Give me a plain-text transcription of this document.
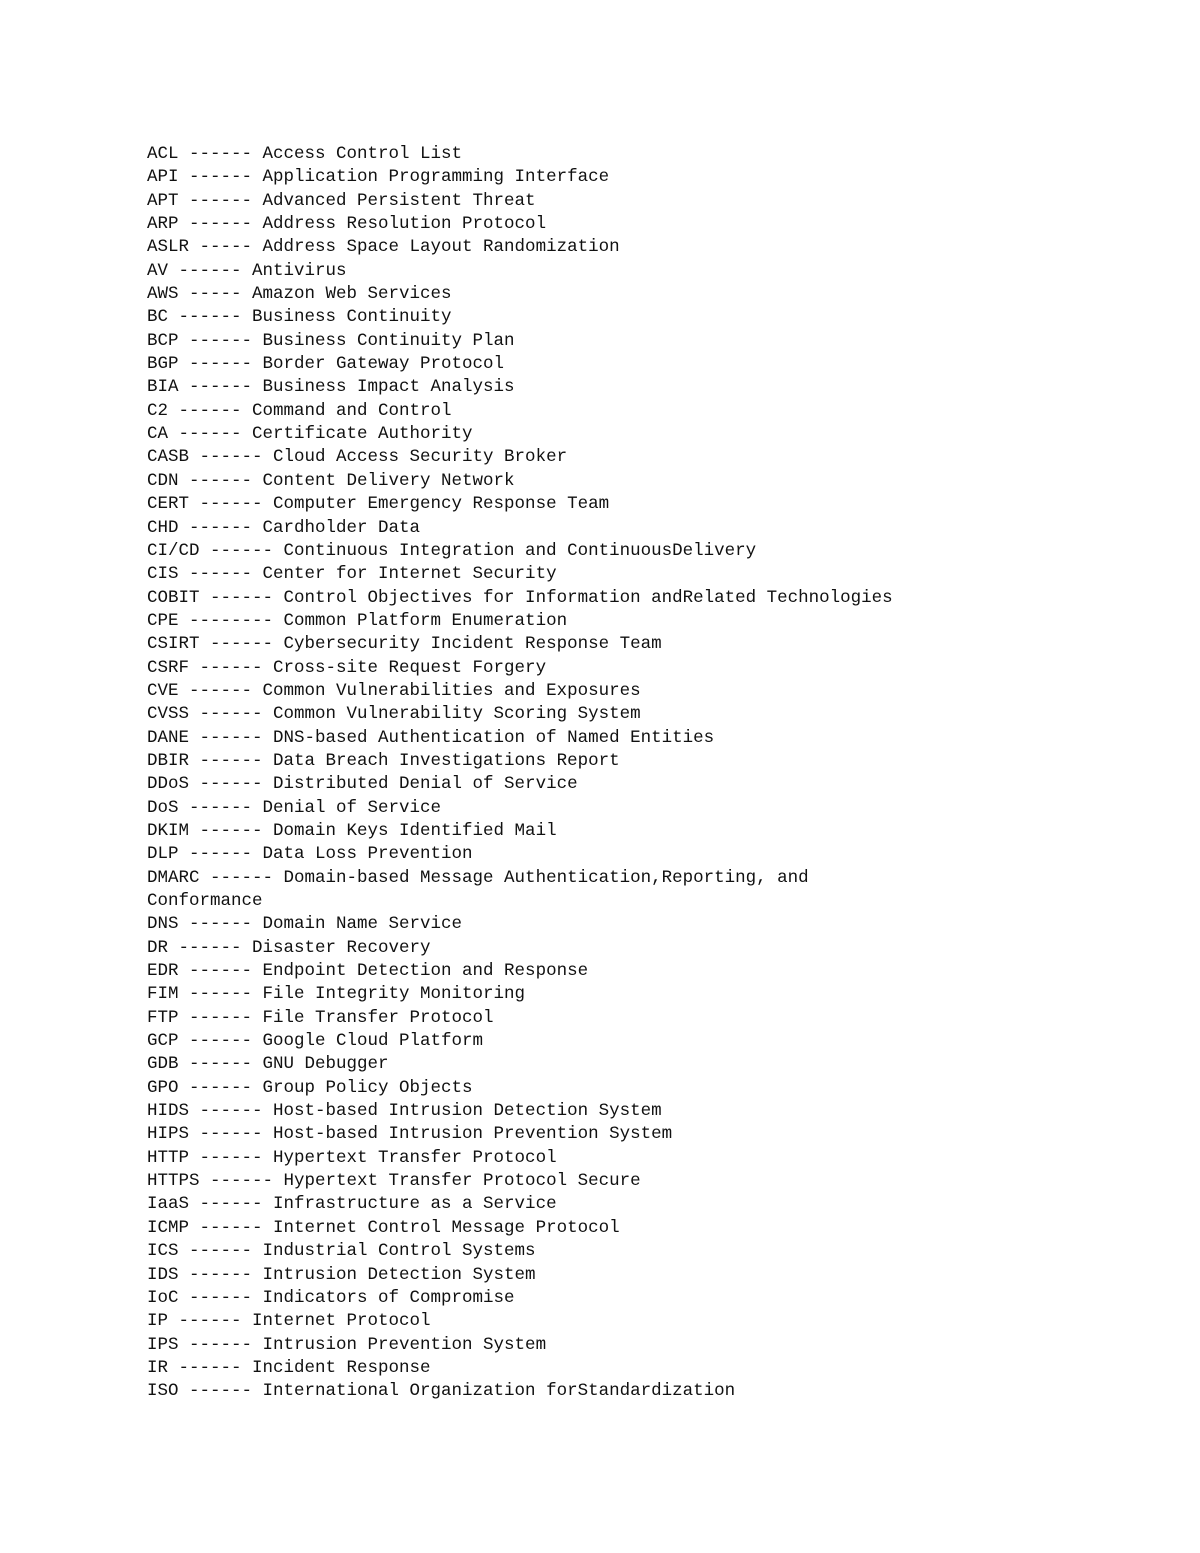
ACL ------ Access Control List
API ------ Application Programming Interface
APT ------ Advanced Persistent Threat
ARP ------ Address Resolution Protocol
ASLR ----- Address Space Layout Randomization
AV ------ Antivirus
AWS ----- Amazon Web Services
BC ------ Business Continuity
BCP ------ Business Continuity Plan
BGP ------ Border Gateway Protocol
BIA ------ Business Impact Analysis
C2 ------ Command and Control
CA ------ Certificate Authority
CASB ------ Cloud Access Security Broker
CDN ------ Content Delivery Network
CERT ------ Computer Emergency Response Team
CHD ------ Cardholder Data
CI/CD ------ Continuous Integration and ContinuousDelivery
CIS ------ Center for Internet Security
COBIT ------ Control Objectives for Information andRelated Technologies
CPE -------- Common Platform Enumeration
CSIRT ------ Cybersecurity Incident Response Team
CSRF ------ Cross-site Request Forgery
CVE ------ Common Vulnerabilities and Exposures
CVSS ------ Common Vulnerability Scoring System
DANE ------ DNS-based Authentication of Named Entities
DBIR ------ Data Breach Investigations Report
DDoS ------ Distributed Denial of Service
DoS ------ Denial of Service
DKIM ------ Domain Keys Identified Mail
DLP ------ Data Loss Prevention
DMARC ------ Domain-based Message Authentication,Reporting, and
Conformance
DNS ------ Domain Name Service
DR ------ Disaster Recovery
EDR ------ Endpoint Detection and Response
FIM ------ File Integrity Monitoring
FTP ------ File Transfer Protocol
GCP ------ Google Cloud Platform
GDB ------ GNU Debugger
GPO ------ Group Policy Objects
HIDS ------ Host-based Intrusion Detection System
HIPS ------ Host-based Intrusion Prevention System
HTTP ------ Hypertext Transfer Protocol
HTTPS ------ Hypertext Transfer Protocol Secure
IaaS ------ Infrastructure as a Service
ICMP ------ Internet Control Message Protocol
ICS ------ Industrial Control Systems
IDS ------ Intrusion Detection System
IoC ------ Indicators of Compromise
IP ------ Internet Protocol
IPS ------ Intrusion Prevention System
IR ------ Incident Response
ISO ------ International Organization forStandardization
